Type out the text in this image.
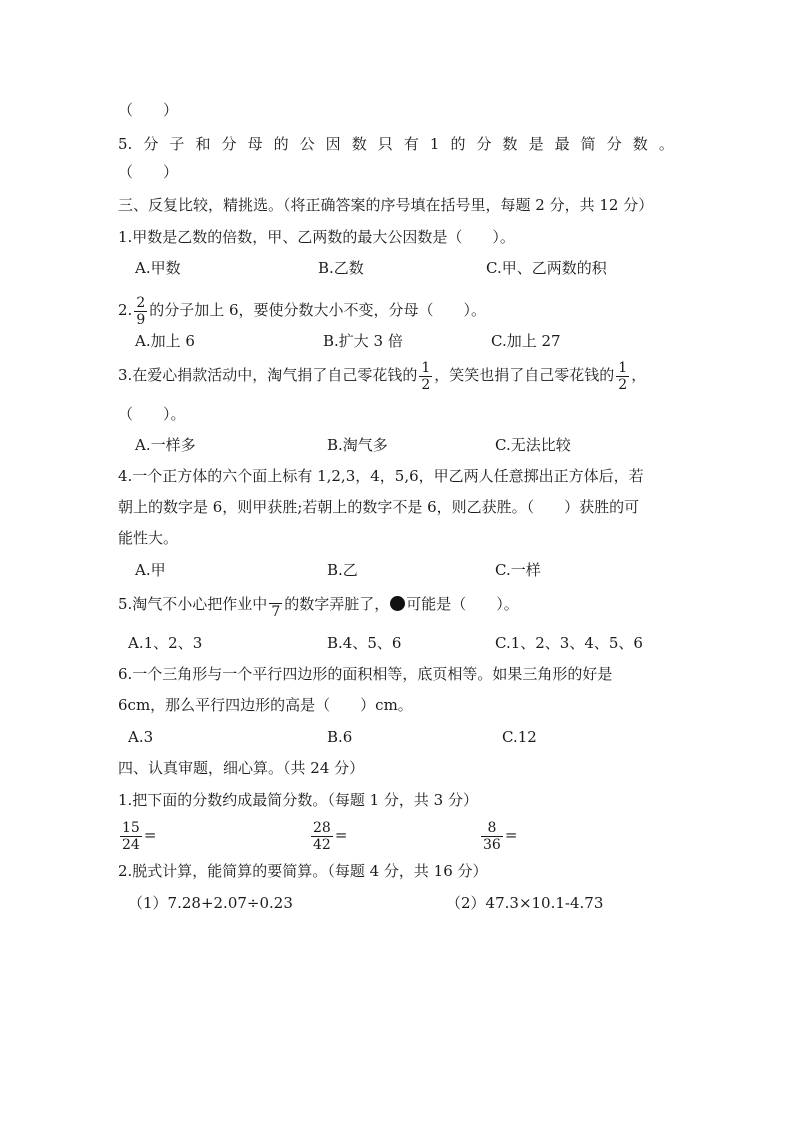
（　　）
5. 分 子 和 分 母 的 公 因 数 只 有 1 的 分 数 是 最 简 分 数 。
（　　）
三、反复比较，精挑选。（将正确答案的序号填在括号里，每题 2 分，共 12 分）
1.甲数是乙数的倍数，甲、乙两数的最大公因数是（　　）。
A.甲数	B.乙数	C.甲、乙两数的积
2. $\frac{2}{9}$ 的分子加上 6，要使分数大小不变，分母（　　）。
A.加上 6	B.扩大 3 倍	C.加上 27
3.在爱心捐款活动中，淘气捐了自己零花钱的 $\frac{1}{2}$ ，笑笑也捐了自己零花钱的 $\frac{1}{2}$ ，
（　　）。
A.一样多	B.淘气多	C.无法比较
4.一个正方体的六个面上标有 1,2,3，4，5,6，甲乙两人任意掷出正方体后，若
朝上的数字是 6，则甲获胜;若朝上的数字不是 6，则乙获胜。（　　）获胜的可
能性大。
A.甲	B.乙	C.一样
5.淘气不小心把作业中 7 的数字弄脏了， 可能是（　　）。
A.1、2、3	B.4、5、6	C.1、2、3、4、5、6
6.一个三角形与一个平行四边形的面积相等，底页相等。如果三角形的好是
6cm，那么平行四边形的高是（　　）cm。
A.3	B.6	C.12
四、认真审题，细心算。（共 24 分）
1.把下面的分数约成最简分数。（每题 1 分，共 3 分）
$\frac{15}{24}$ =	$\frac{28}{42}$ =	$\frac{8}{36}$ =
2.脱式计算，能简算的要简算。（每题 4 分，共 16 分）
（1）7.28+2.07÷0.23	（2）47.3×10.1-4.73
